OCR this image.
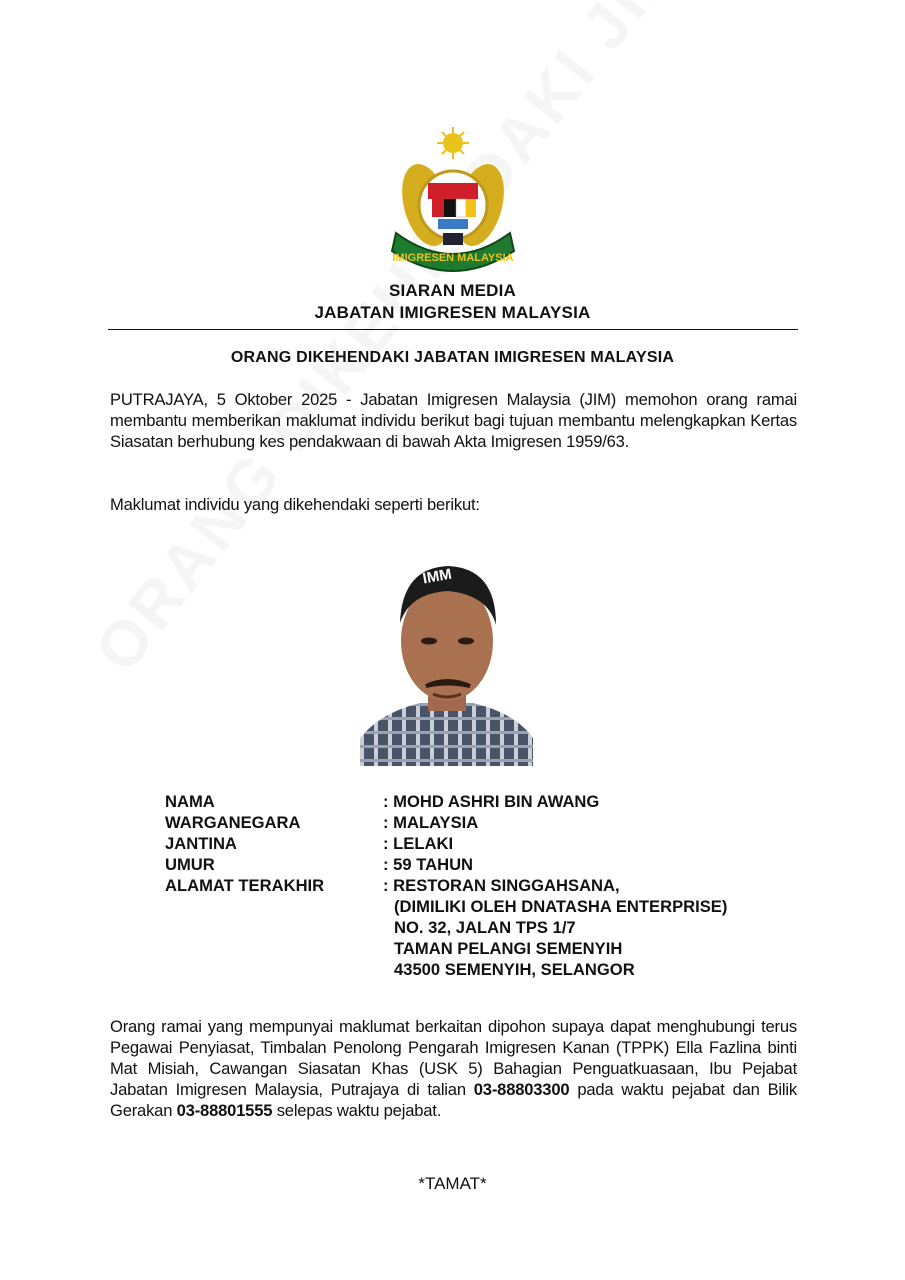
IMIGRESEN MALAYSIA
SIARAN MEDIA
JABATAN IMIGRESEN MALAYSIA
ORANG DIKEHENDAKI JABATAN IMIGRESEN MALAYSIA
PUTRAJAYA, 5 Oktober 2025 - Jabatan Imigresen Malaysia (JIM) memohon orang ramai membantu memberikan maklumat individu berikut bagi tujuan membantu melengkapkan Kertas Siasatan berhubung kes pendakwaan di bawah Akta Imigresen 1959/63.
Maklumat individu yang dikehendaki seperti berikut:
IMM
NAMA	: MOHD ASHRI BIN AWANG
WARGANEGARA	: MALAYSIA
JANTINA	: LELAKI
UMUR	: 59 TAHUN
ALAMAT TERAKHIR	: RESTORAN SINGGAHSANA,
(DIMILIKI OLEH DNATASHA ENTERPRISE)
NO. 32, JALAN TPS 1/7
TAMAN PELANGI SEMENYIH
43500 SEMENYIH, SELANGOR
Orang ramai yang mempunyai maklumat berkaitan dipohon supaya dapat menghubungi terus Pegawai Penyiasat, Timbalan Penolong Pengarah Imigresen Kanan (TPPK) Ella Fazlina binti Mat Misiah, Cawangan Siasatan Khas (USK 5) Bahagian Penguatkuasaan, Ibu Pejabat Jabatan Imigresen Malaysia, Putrajaya di talian 03-88803300 pada waktu pejabat dan Bilik Gerakan 03-88801555 selepas waktu pejabat.
*TAMAT*
